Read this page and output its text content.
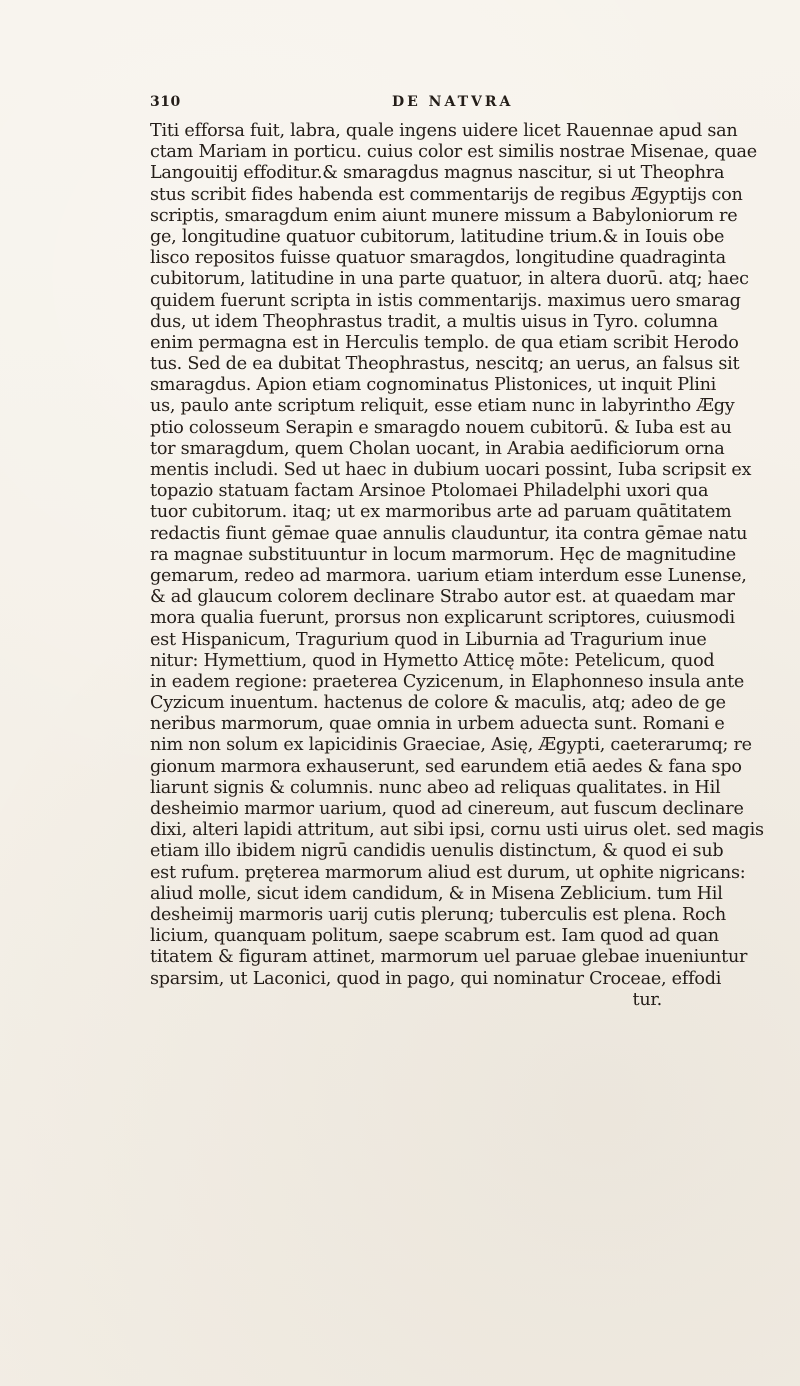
310	DE NATVRA
Titi efforsa fuit, labra, quale ingens uidere licet Rauennae apud san
ctam Mariam in porticu. cuius color est similis nostrae Misenae, quae
Langouitij effoditur.& smaragdus magnus nascitur, si ut Theophra
stus scribit fides habenda est commentarijs de regibus Ægyptijs con
scriptis, smaragdum enim aiunt munere missum a Babyloniorum re
ge, longitudine quatuor cubitorum, latitudine trium.& in Iouis obe
lisco repositos fuisse quatuor smaragdos, longitudine quadraginta
cubitorum, latitudine in una parte quatuor, in altera duorū. atq; haec
quidem fuerunt scripta in istis commentarijs. maximus uero smarag
dus, ut idem Theophrastus tradit, a multis uisus in Tyro. columna
enim permagna est in Herculis templo. de qua etiam scribit Herodo
tus. Sed de ea dubitat Theophrastus, nescitq; an uerus, an falsus sit
smaragdus. Apion etiam cognominatus Plistonices, ut inquit Plini
us, paulo ante scriptum reliquit, esse etiam nunc in labyrintho Ægy
ptio colosseum Serapin e smaragdo nouem cubitorū. & Iuba est au
tor smaragdum, quem Cholan uocant, in Arabia aedificiorum orna
mentis includi. Sed ut haec in dubium uocari possint, Iuba scripsit ex
topazio statuam factam Arsinoe Ptolomaei Philadelphi uxori qua
tuor cubitorum. itaq; ut ex marmoribus arte ad paruam quātitatem
redactis fiunt gēmae quae annulis clauduntur, ita contra gēmae natu
ra magnae substituuntur in locum marmorum. Hęc de magnitudine
gemarum, redeo ad marmora. uarium etiam interdum esse Lunense,
& ad glaucum colorem declinare Strabo autor est. at quaedam mar
mora qualia fuerunt, prorsus non explicarunt scriptores, cuiusmodi
est Hispanicum, Tragurium quod in Liburnia ad Tragurium inue
nitur: Hymettium, quod in Hymetto Atticę mōte: Petelicum, quod
in eadem regione: praeterea Cyzicenum, in Elaphonneso insula ante
Cyzicum inuentum. hactenus de colore & maculis, atq; adeo de ge
neribus marmorum, quae omnia in urbem aduecta sunt. Romani e
nim non solum ex lapicidinis Graeciae, Asię, Ægypti, caeterarumq; re
gionum marmora exhauserunt, sed earundem etiā aedes & fana spo
liarunt signis & columnis. nunc abeo ad reliquas qualitates. in Hil
desheimio marmor uarium, quod ad cinereum, aut fuscum declinare
dixi, alteri lapidi attritum, aut sibi ipsi, cornu usti uirus olet. sed magis
etiam illo ibidem nigrū candidis uenulis distinctum, & quod ei sub
est rufum. pręterea marmorum aliud est durum, ut ophite nigricans:
aliud molle, sicut idem candidum, & in Misena Zeblicium. tum Hil
desheimij marmoris uarij cutis plerunq; tuberculis est plena. Roch
licium, quanquam politum, saepe scabrum est. Iam quod ad quan
titatem & figuram attinet, marmorum uel paruae glebae inueniuntur
sparsim, ut Laconici, quod in pago, qui nominatur Croceae, effodi
tur.
